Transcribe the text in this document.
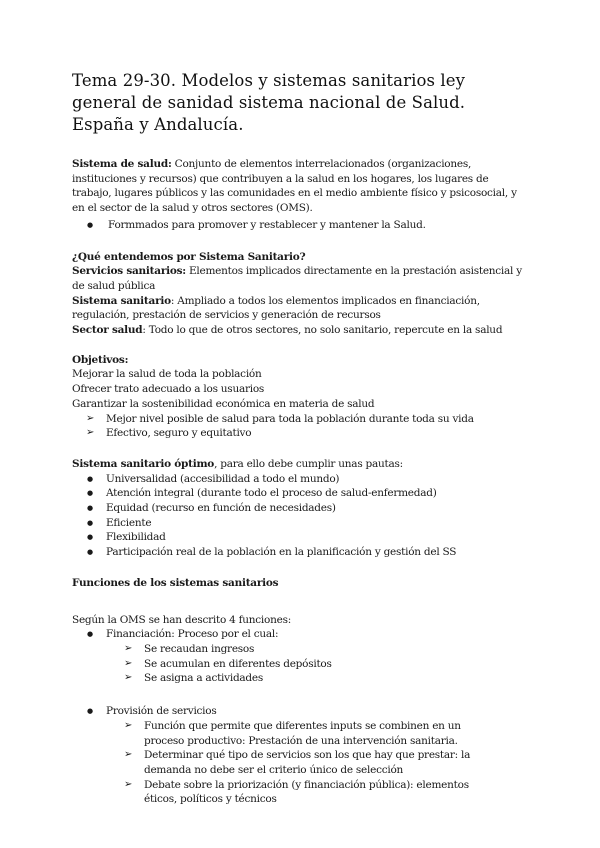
Tema 29-30. Modelos y sistemas sanitarios ley general de sanidad sistema nacional de Salud. España y Andalucía.

Sistema de salud: Conjunto de elementos interrelacionados (organizaciones, instituciones y recursos) que contribuyen a la salud en los hogares, los lugares de trabajo, lugares públicos y las comunidades en el medio ambiente físico y psicosocial, y en el sector de la salud y otros sectores (OMS).

● Formmados para promover y restablecer y mantener la Salud.

¿Qué entendemos por Sistema Sanitario?

Servicios sanitarios: Elementos implicados directamente en la prestación asistencial y de salud pública

Sistema sanitario: Ampliado a todos los elementos implicados en financiación, regulación, prestación de servicios y generación de recursos

Sector salud: Todo lo que de otros sectores, no solo sanitario, repercute en la salud

Objetivos:

Mejorar la salud de toda la población

Ofrecer trato adecuado a los usuarios

Garantizar la sostenibilidad económica en materia de salud

➢ Mejor nivel posible de salud para toda la población durante toda su vida
➢ Efectivo, seguro y equitativo

Sistema sanitario óptimo, para ello debe cumplir unas pautas:

● Universalidad (accesibilidad a todo el mundo)
● Atención integral (durante todo el proceso de salud-enfermedad)
● Equidad (recurso en función de necesidades)
● Eficiente
● Flexibilidad
● Participación real de la población en la planificación y gestión del SS

Funciones de los sistemas sanitarios

Según la OMS se han descrito 4 funciones:

● Financiación: Proceso por el cual:
➢ Se recaudan ingresos
➢ Se acumulan en diferentes depósitos
➢ Se asigna a actividades
● Provisión de servicios
➢ Función que permite que diferentes inputs se combinen en un proceso productivo: Prestación de una intervención sanitaria.
➢ Determinar qué tipo de servicios son los que hay que prestar: la demanda no debe ser el criterio único de selección
➢ Debate sobre la priorización (y financiación pública): elementos éticos, políticos y técnicos
